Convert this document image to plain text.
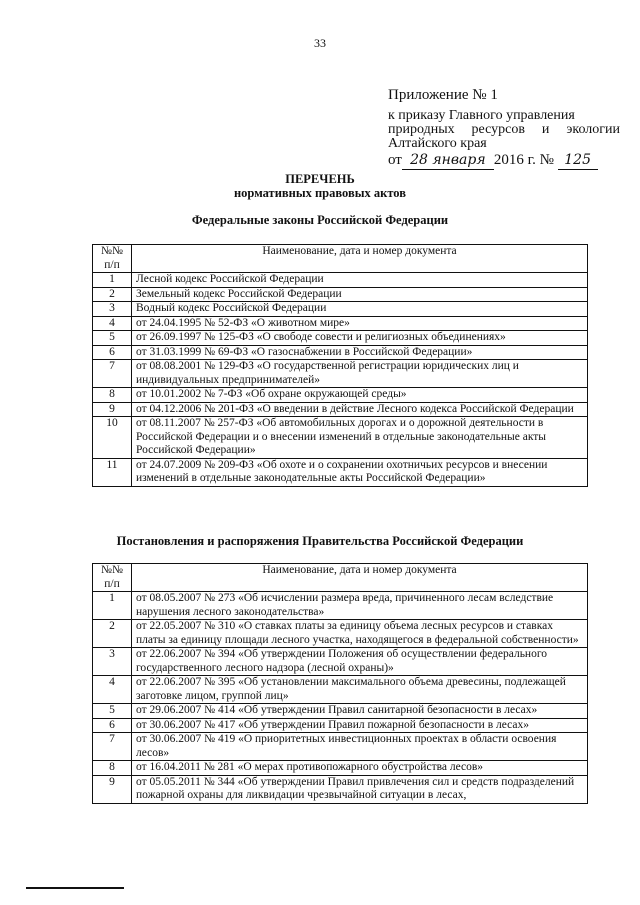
33
Приложение № 1
к приказу Главного управления
природных ресурсов и экологии
Алтайского края
от 28 января 2016 г. № 125
ПЕРЕЧЕНЬ
нормативных правовых актов
Федеральные законы Российской Федерации
№№ п/п	Наименование, дата и номер документа
1	Лесной кодекс Российской Федерации
2	Земельный кодекс Российской Федерации
3	Водный кодекс Российской Федерации
4	от 24.04.1995 № 52-ФЗ «О животном мире»
5	от 26.09.1997 № 125-ФЗ «О свободе совести и религиозных объединениях»
6	от 31.03.1999 № 69-ФЗ «О газоснабжении в Российской Федерации»
7	от 08.08.2001 № 129-ФЗ «О государственной регистрации юридических лиц и индивидуальных предпринимателей»
8	от 10.01.2002 № 7-ФЗ «Об охране окружающей среды»
9	от 04.12.2006 № 201-ФЗ «О введении в действие Лесного кодекса Российской Федерации
10	от 08.11.2007 № 257-ФЗ «Об автомобильных дорогах и о дорожной деятельности в Российской Федерации и о внесении изменений в отдельные законодательные акты Российской Федерации»
11	от 24.07.2009 № 209-ФЗ «Об охоте и о сохранении охотничьих ресурсов и внесении изменений в отдельные законодательные акты Российской Федерации»
Постановления и распоряжения Правительства Российской Федерации
№№ п/п	Наименование, дата и номер документа
1	от 08.05.2007 № 273 «Об исчислении размера вреда, причиненного лесам вследствие нарушения лесного законодательства»
2	от 22.05.2007 № 310 «О ставках платы за единицу объема лесных ресурсов и ставках платы за единицу площади лесного участка, находящегося в федеральной собственности»
3	от 22.06.2007 № 394 «Об утверждении Положения об осуществлении федерального государственного лесного надзора (лесной охраны)»
4	от 22.06.2007 № 395 «Об установлении максимального объема древесины, подлежащей заготовке лицом, группой лиц»
5	от 29.06.2007 № 414 «Об утверждении Правил санитарной безопасности в лесах»
6	от 30.06.2007 № 417 «Об утверждении Правил пожарной безопасности в лесах»
7	от 30.06.2007 № 419 «О приоритетных инвестиционных проектах в области освоения лесов»
8	от 16.04.2011 № 281 «О мерах противопожарного обустройства лесов»
9	от 05.05.2011 № 344 «Об утверждении Правил привлечения сил и средств подразделений пожарной охраны для ликвидации чрезвычайной ситуации в лесах,
